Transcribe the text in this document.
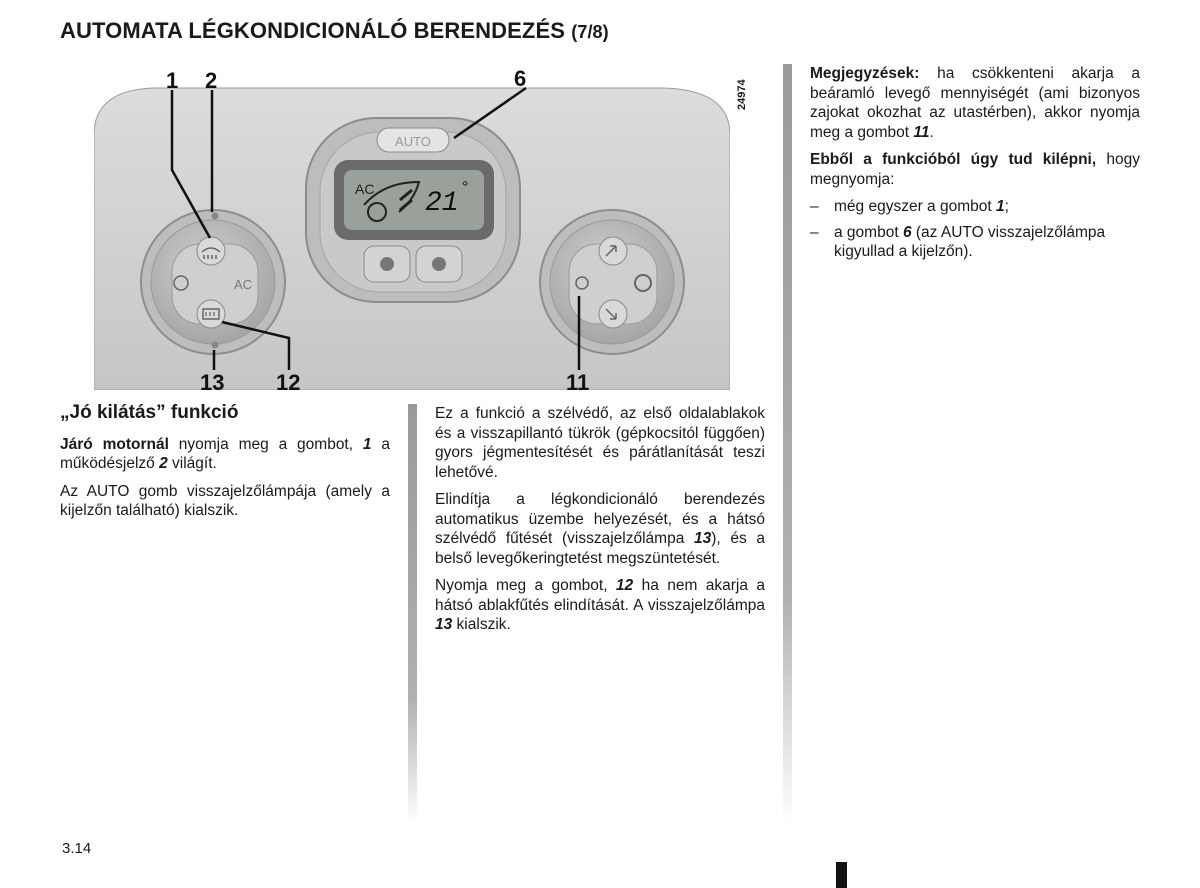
AUTOMATA LÉGKONDICIONÁLÓ BERENDEZÉS (7/8)
AUTO
AC 21
°
AC
1 2	6
13 12	11
24974
„Jó kilátás” funkció

Járó motornál nyomja meg a gombot, 1 a működésjelző 2 világít.

Az AUTO gomb visszajelzőlámpája (amely a kijelzőn található) kialszik.

Ez a funkció a szélvédő, az első oldalablakok és a visszapillantó tükrök (gépkocsitól függően) gyors jégmentesítését és párátlanítását teszi lehetővé.

Elindítja a légkondicionáló berendezés automatikus üzembe helyezését, és a hátsó szélvédő fűtését (visszajelzőlámpa 13), és a belső levegőkeringtetést megszüntetését.

Nyomja meg a gombot, 12 ha nem akarja a hátsó ablakfűtés elindítását. A visszajelzőlámpa 13 kialszik.

Megjegyzések: ha csökkenteni akarja a beáramló levegő mennyiségét (ami bizonyos zajokat okozhat az utastérben), akkor nyomja meg a gombot 11.

Ebből a funkcióból úgy tud kilépni, hogy megnyomja:

– még egyszer a gombot 1;
– a gombot 6 (az AUTO visszajelzőlámpa kigyullad a kijelzőn).
3.14
